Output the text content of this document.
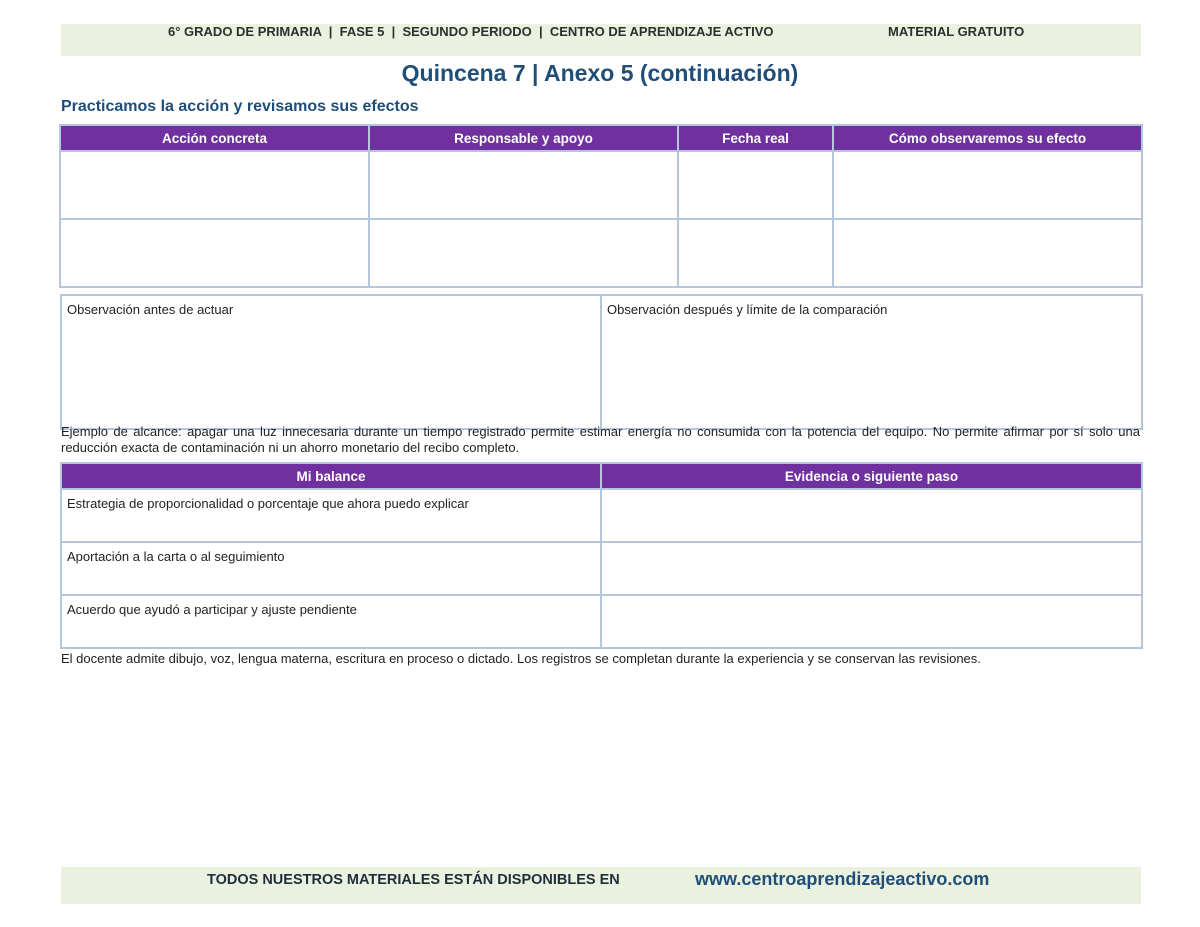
6° GRADO DE PRIMARIA  |  FASE 5  |  SEGUNDO PERIODO  |  CENTRO DE APRENDIZAJE ACTIVO	MATERIAL GRATUITO
Quincena 7 | Anexo 5 (continuación)
Practicamos la acción y revisamos sus efectos
Acción concreta	Responsable y apoyo	Fecha real	Cómo observaremos su efecto

Observación antes de actuar	Observación después y límite de la comparación
Ejemplo de alcance: apagar una luz innecesaria durante un tiempo registrado permite estimar energía no consumida con la potencia del equipo. No permite afirmar por sí solo una reducción exacta de contaminación ni un ahorro monetario del recibo completo.
Mi balance	Evidencia o siguiente paso
Estrategia de proporcionalidad o porcentaje que ahora puedo explicar	
Aportación a la carta o al seguimiento	
Acuerdo que ayudó a participar y ajuste pendiente	
El docente admite dibujo, voz, lengua materna, escritura en proceso o dictado. Los registros se completan durante la experiencia y se conservan las revisiones.
TODOS NUESTROS MATERIALES ESTÁN DISPONIBLES EN	www.centroaprendizajeactivo.com
